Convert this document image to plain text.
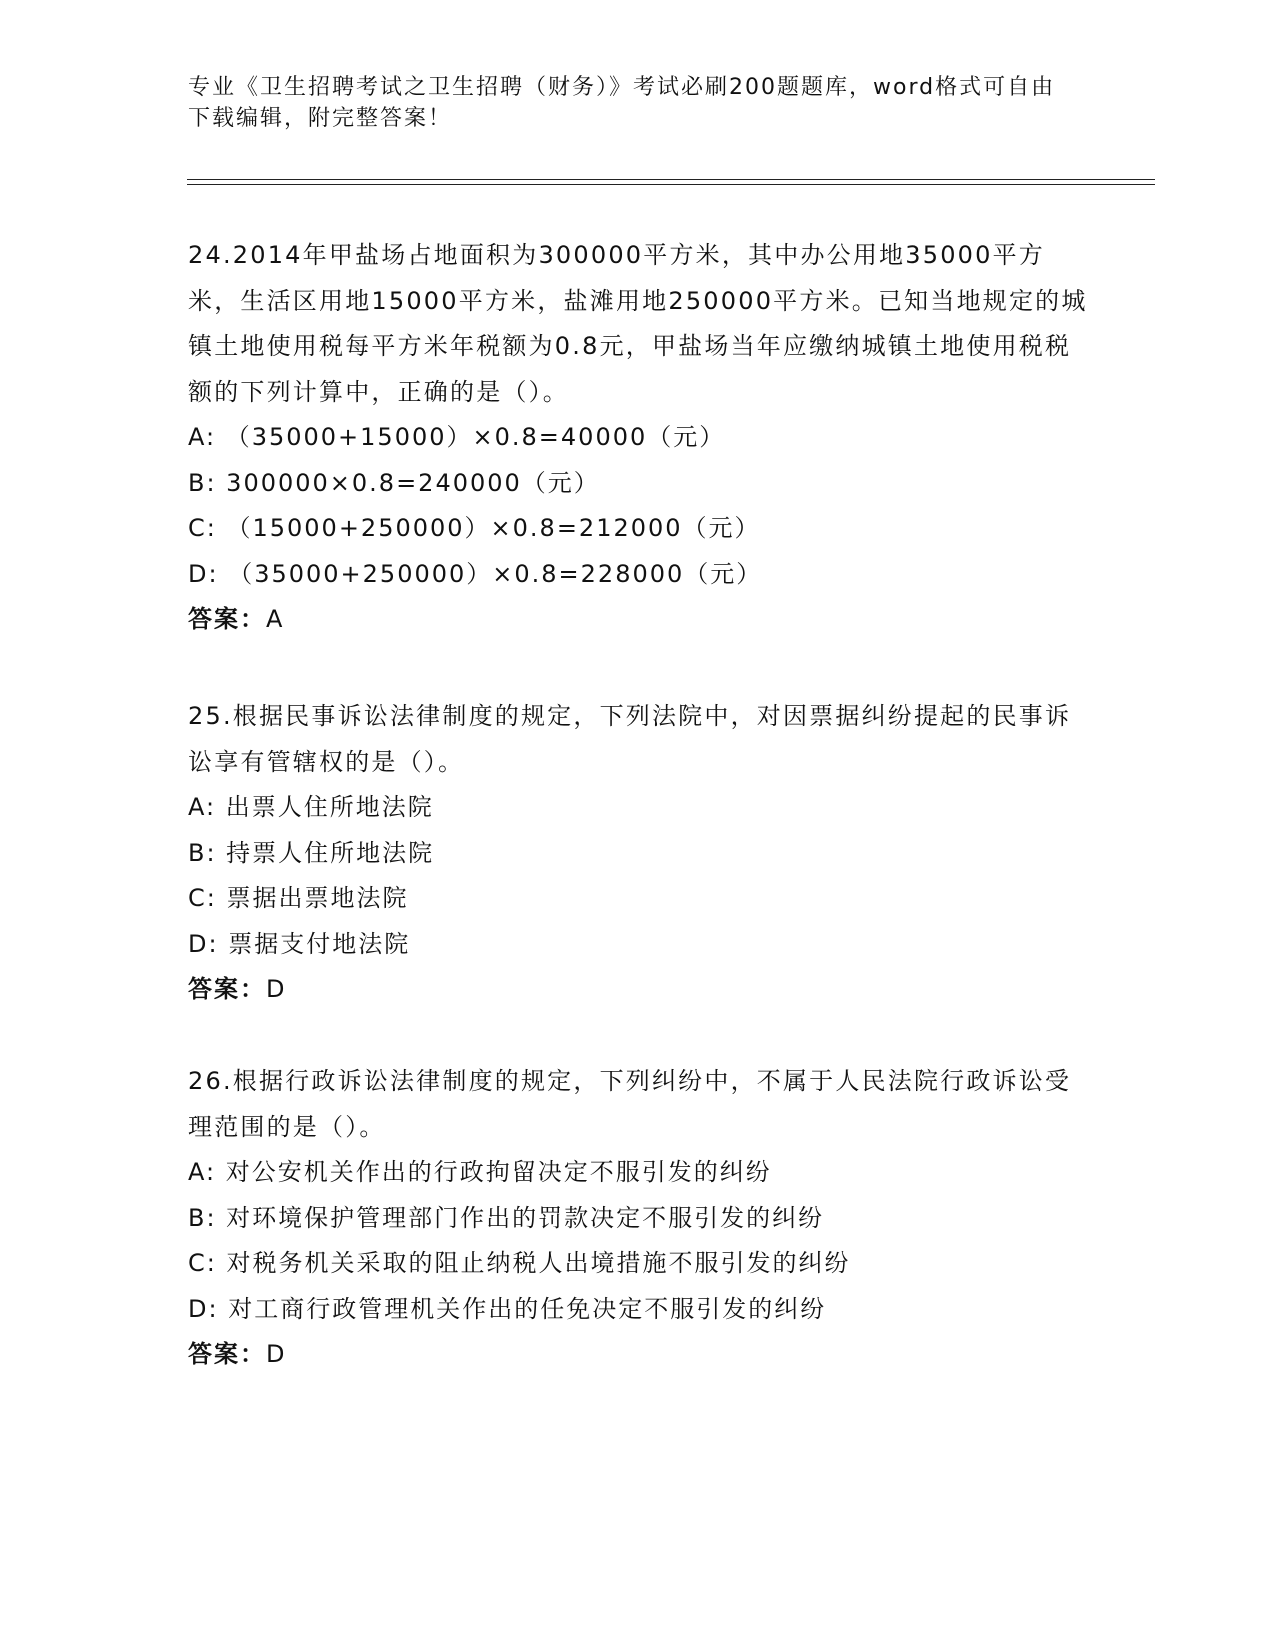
专业《卫生招聘考试之卫生招聘（财务）》考试必刷200题题库，word格式可自由下载编辑，附完整答案！

24.2014年甲盐场占地面积为300000平方米，其中办公用地35000平方米，生活区用地15000平方米，盐滩用地250000平方米。已知当地规定的城镇土地使用税每平方米年税额为0.8元，甲盐场当年应缴纳城镇土地使用税税额的下列计算中，正确的是（）。

A: （35000+15000）×0.8=40000（元）
B: 300000×0.8=240000（元）
C: （15000+250000）×0.8=212000（元）
D: （35000+250000）×0.8=228000（元）
答案：A

25.根据民事诉讼法律制度的规定，下列法院中，对因票据纠纷提起的民事诉讼享有管辖权的是（）。

A: 出票人住所地法院
B: 持票人住所地法院
C: 票据出票地法院
D: 票据支付地法院
答案：D

26.根据行政诉讼法律制度的规定，下列纠纷中，不属于人民法院行政诉讼受理范围的是（）。

A: 对公安机关作出的行政拘留决定不服引发的纠纷
B: 对环境保护管理部门作出的罚款决定不服引发的纠纷
C: 对税务机关采取的阻止纳税人出境措施不服引发的纠纷
D: 对工商行政管理机关作出的任免决定不服引发的纠纷
答案：D
